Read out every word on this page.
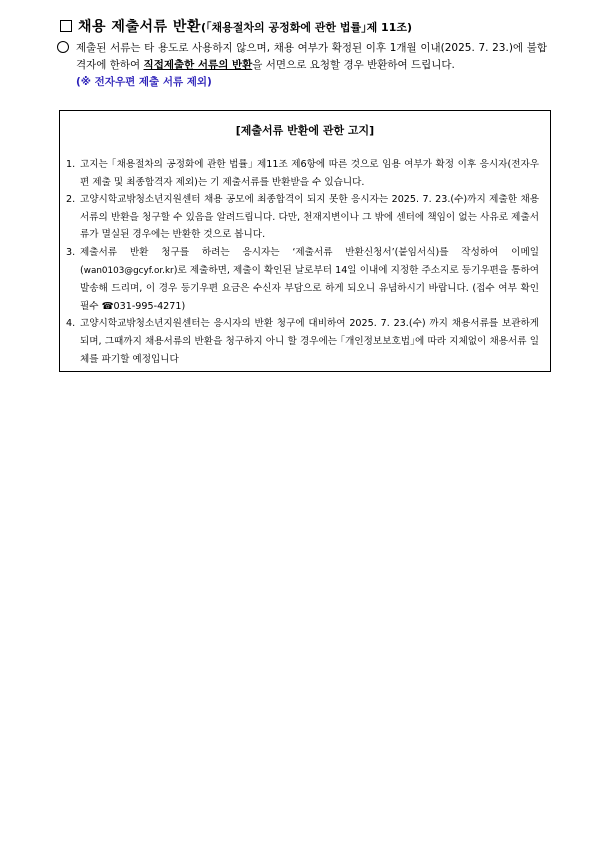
채용 제출서류 반환(｢채용절차의 공정화에 관한 법률｣제 11조)
제출된 서류는 타 용도로 사용하지 않으며, 채용 여부가 확정된 이후 1개월 이내(2025. 7. 23.)에 불합격자에 한하여 직접제출한 서류의 반환을 서면으로 요청할 경우 반환하여 드립니다.
(※ 전자우편 제출 서류 제외)
[제출서류 반환에 관한 고지]
1. 고지는 ｢채용절차의 공정화에 관한 법률｣ 제11조 제6항에 따른 것으로 임용 여부가 확정 이후 응시자(전자우편 제출 및 최종합격자 제외)는 기 제출서류를 반환받을 수 있습니다.
2. 고양시학교밖청소년지원센터 채용 공모에 최종합격이 되지 못한 응시자는 2025. 7. 23.(수)까지 제출한 채용서류의 반환을 청구할 수 있음을 알려드립니다. 다만, 천재지변이나 그 밖에 센터에 책임이 없는 사유로 제출서류가 멸실된 경우에는 반환한 것으로 봅니다.
3. 제출서류 반환 청구를 하려는 응시자는 ‘제출서류 반환신청서’(붙임서식)를 작성하여 이메일(wan0103@gcyf.or.kr)로 제출하면, 제출이 확인된 날로부터 14일 이내에 지정한 주소지로 등기우편을 통하여 발송해 드리며, 이 경우 등기우편 요금은 수신자 부담으로 하게 되오니 유념하시기 바랍니다. (접수 여부 확인 필수 ☎031-995-4271)
4. 고양시학교밖청소년지원센터는 응시자의 반환 청구에 대비하여 2025. 7. 23.(수) 까지 채용서류를 보관하게 되며, 그때까지 채용서류의 반환을 청구하지 아니 할 경우에는 ｢개인정보보호법｣에 따라 지체없이 채용서류 일체를 파기할 예정입니다
